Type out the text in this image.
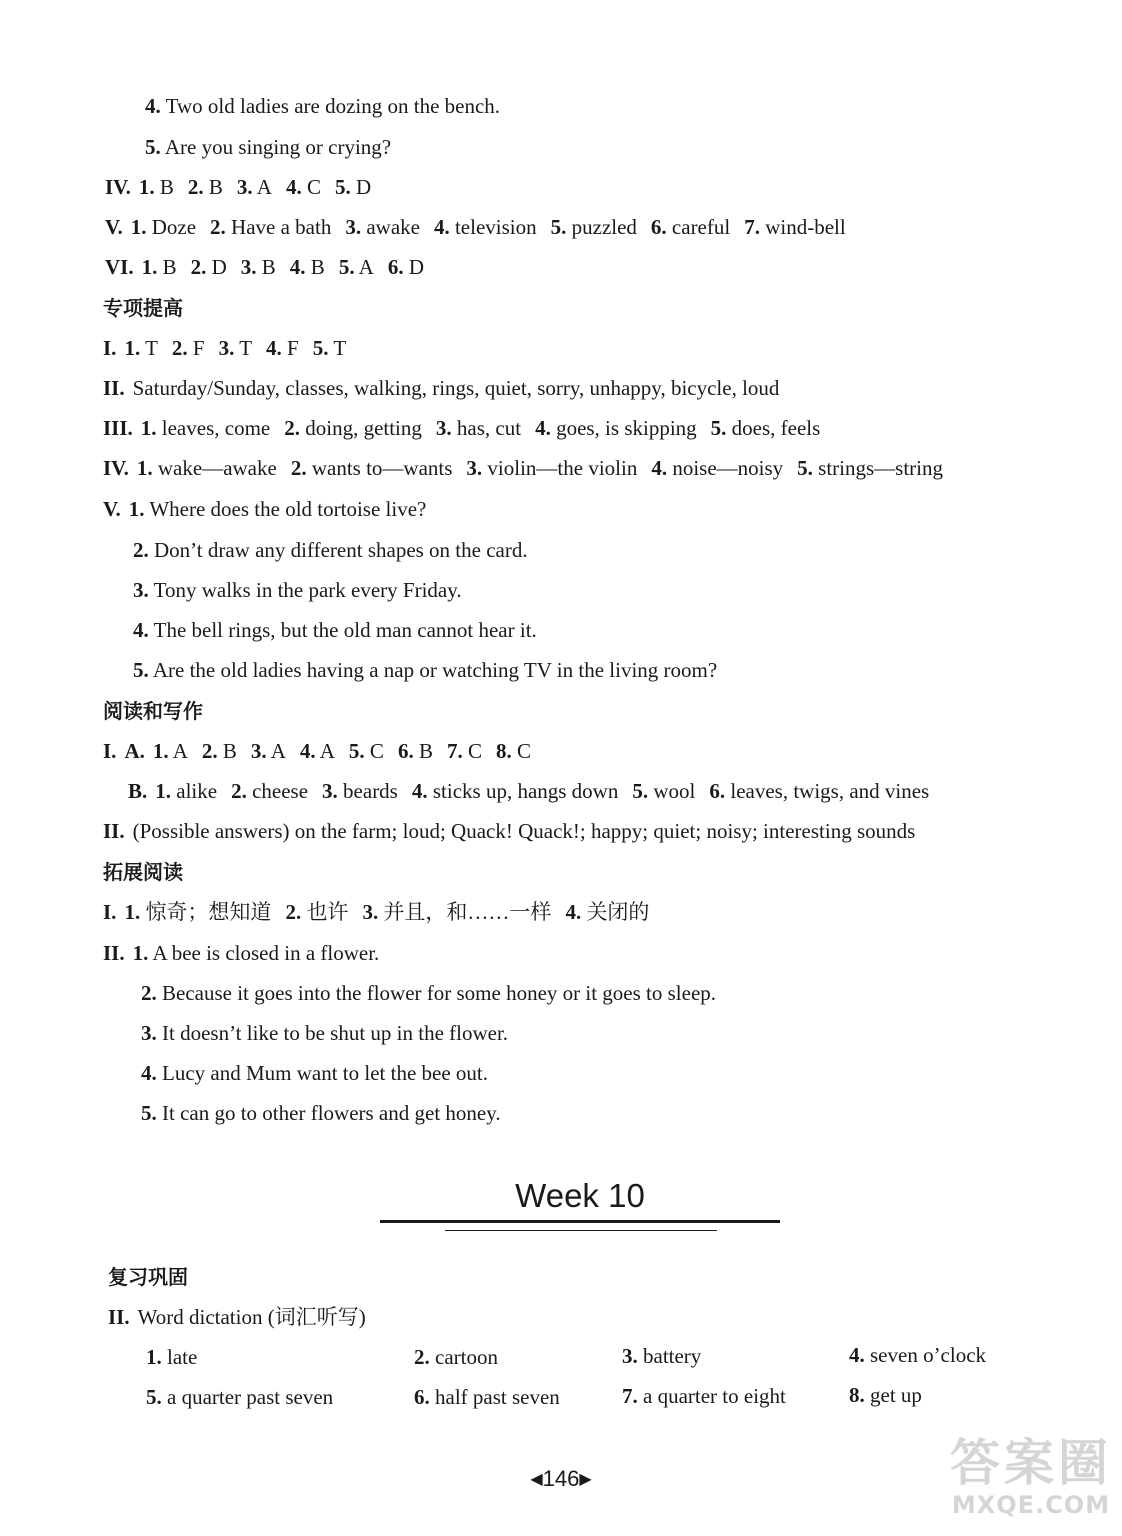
4. Two old ladies are dozing on the bench.
5. Are you singing or crying?
IV. 1. B 2. B 3. A 4. C 5. D
V. 1. Doze 2. Have a bath 3. awake 4. television 5. puzzled 6. careful 7. wind-bell
VI. 1. B 2. D 3. B 4. B 5. A 6. D
专项提高
I. 1. T 2. F 3. T 4. F 5. T
II. Saturday/Sunday, classes, walking, rings, quiet, sorry, unhappy, bicycle, loud
III. 1. leaves, come 2. doing, getting 3. has, cut 4. goes, is skipping 5. does, feels
IV. 1. wake—awake 2. wants to—wants 3. violin—the violin 4. noise—noisy 5. strings—string
V. 1. Where does the old tortoise live?
2. Don’t draw any different shapes on the card.
3. Tony walks in the park every Friday.
4. The bell rings, but the old man cannot hear it.
5. Are the old ladies having a nap or watching TV in the living room?
阅读和写作
I. A. 1. A 2. B 3. A 4. A 5. C 6. B 7. C 8. C
B. 1. alike 2. cheese 3. beards 4. sticks up, hangs down 5. wool 6. leaves, twigs, and vines
II. (Possible answers) on the farm; loud; Quack! Quack!; happy; quiet; noisy; interesting sounds
拓展阅读
I. 1. 惊奇；想知道 2. 也许 3. 并且，和……一样 4. 关闭的
II. 1. A bee is closed in a flower.
2. Because it goes into the flower for some honey or it goes to sleep.
3. It doesn’t like to be shut up in the flower.
4. Lucy and Mum want to let the bee out.
5. It can go to other flowers and get honey.
Week 10
复习巩固
II. Word dictation (词汇听写)
1. late	2. cartoon	3. battery	4. seven o’clock
5. a quarter past seven	6. half past seven	7. a quarter to eight	8. get up
◀146▶	答案圈
MXQE.COM
